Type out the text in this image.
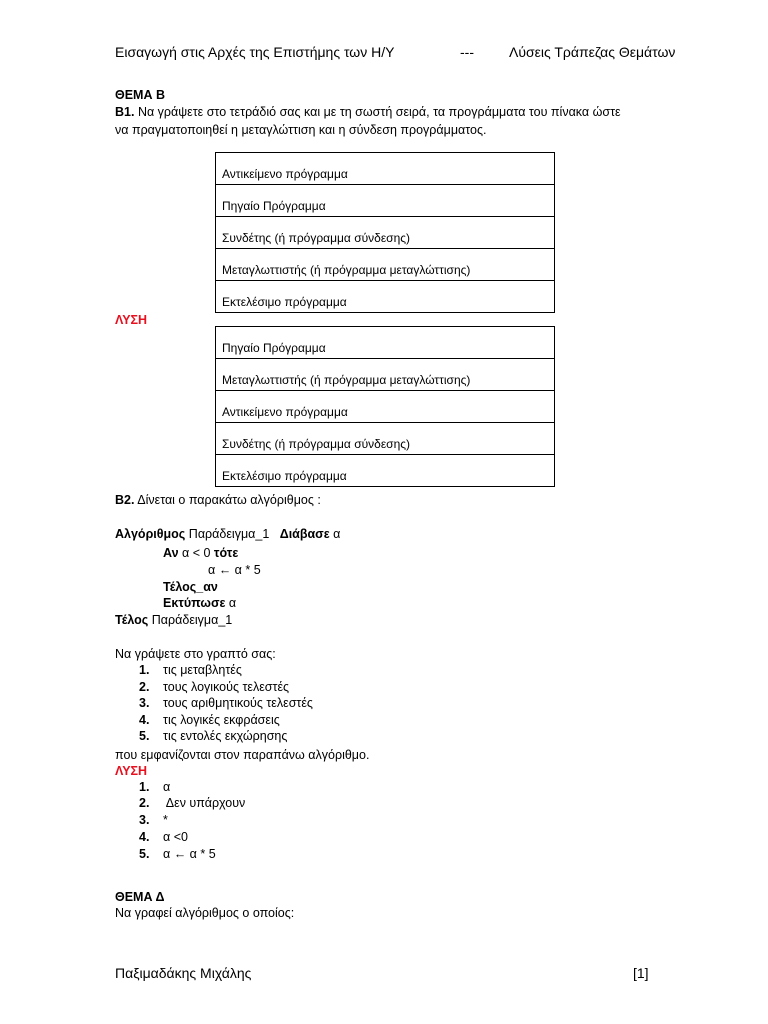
Εισαγωγή στις Αρχές της Επιστήμης των Η/Υ	---	Λύσεις Τράπεζας Θεμάτων
ΘΕΜΑ Β
Β1. Να γράψετε στο τετράδιό σας και με τη σωστή σειρά, τα προγράμματα του πίνακα ώστε
να πραγματοποιηθεί η μεταγλώττιση και η σύνδεση προγράμματος.
Αντικείμενο πρόγραμμα
Πηγαίο Πρόγραμμα
Συνδέτης (ή πρόγραμμα σύνδεσης)
Μεταγλωττιστής (ή πρόγραμμα μεταγλώττισης)
Εκτελέσιμο πρόγραμμα
ΛΥΣΗ
Πηγαίο Πρόγραμμα
Μεταγλωττιστής (ή πρόγραμμα μεταγλώττισης)
Αντικείμενο πρόγραμμα
Συνδέτης (ή πρόγραμμα σύνδεσης)
Εκτελέσιμο πρόγραμμα
Β2. Δίνεται ο παρακάτω αλγόριθμος :
Αλγόριθμος Παράδειγμα_1 Διάβασε α
Αν α < 0 τότε
α ← α * 5
Τέλος_αν
Εκτύπωσε α
Τέλος Παράδειγμα_1
Να γράψετε στο γραπτό σας:
1. τις μεταβλητές
2. τους λογικούς τελεστές
3. τους αριθμητικούς τελεστές
4. τις λογικές εκφράσεις
5. τις εντολές εκχώρησης
που εμφανίζονται στον παραπάνω αλγόριθμο.
ΛΥΣΗ
1. α
2. Δεν υπάρχουν
3. *
4. α <0
5. α ← α * 5
ΘΕΜΑ Δ
Να γραφεί αλγόριθμος ο οποίος:
Παξιμαδάκης Μιχάλης	[1]
